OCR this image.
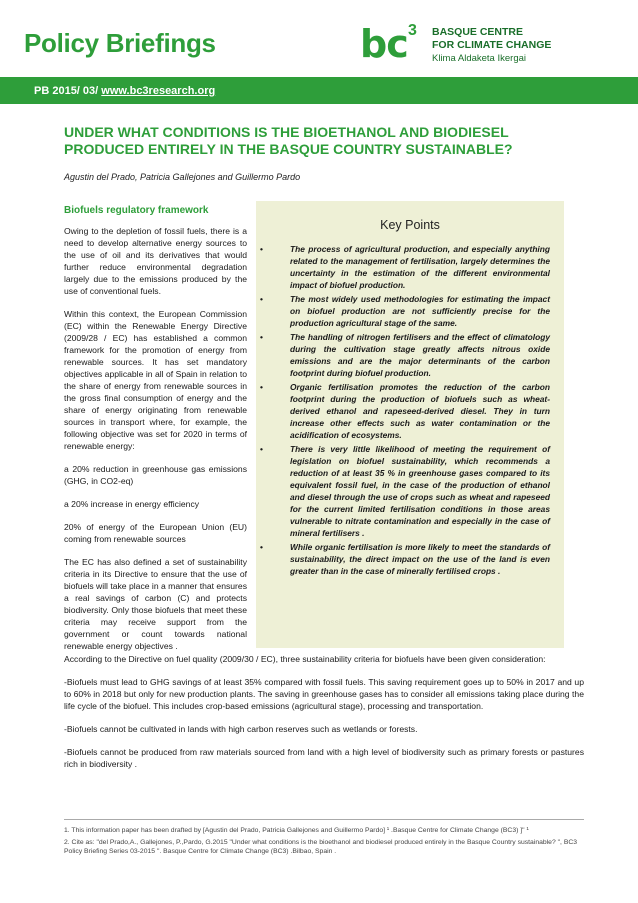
Policy Briefings	bc 3 BASQUE CENTRE
FOR CLIMATE CHANGE
Klima Aldaketa Ikergai
PB 2015/ 03/ www.bc3research.org
UNDER WHAT CONDITIONS IS THE BIOETHANOL AND BIODIESEL PRODUCED ENTIRELY IN THE BASQUE COUNTRY SUSTAINABLE?
Agustin del Prado, Patricia Gallejones and Guillermo Pardo
Biofuels regulatory framework

Owing to the depletion of fossil fuels, there is a need to develop alternative energy sources to the use of oil and its derivatives that would further reduce environmental degradation largely due to the emissions produced by the use of conventional fuels.

Within this context, the European Commission (EC) within the Renewable Energy Directive (2009/28 / EC) has established a common framework for the promotion of energy from renewable sources. It has set mandatory objectives applicable in all of Spain in relation to the share of energy from renewable sources in the gross final consumption of energy and the share of energy originating from renewable sources in transport where, for example, the following objective was set for 2020 in terms of renewable energy:

a 20% reduction in greenhouse gas emissions (GHG, in CO2-eq)

a 20% increase in energy efficiency

20% of energy of the European Union (EU) coming from renewable sources

The EC has also defined a set of sustainability criteria in its Directive to ensure that the use of biofuels will take place in a manner that ensures a real savings of carbon (C) and protects biodiversity. Only those biofuels that meet these criteria may receive support from the government or count towards national renewable energy objectives .

Key Points
•	The process of agricultural production, and especially anything related to the management of fertilisation, largely determines the uncertainty in the estimation of the different environmental impact of biofuel production.
•	The most widely used methodologies for estimating the impact on biofuel production are not sufficiently precise for the production agricultural stage of the same.
•	The handling of nitrogen fertilisers and the effect of climatology during the cultivation stage greatly affects nitrous oxide emissions and are the major determinants of the carbon footprint during biofuel production.
•	Organic fertilisation promotes the reduction of the carbon footprint during the production of biofuels such as wheat-derived ethanol and rapeseed-derived diesel. They in turn increase other effects such as water contamination or the acidification of ecosystems.
•	There is very little likelihood of meeting the requirement of legislation on biofuel sustainability, which recommends a reduction of at least 35 % in greenhouse gases compared to its equivalent fossil fuel, in the case of the production of ethanol and diesel through the use of crops such as wheat and rapeseed for the current limited fertilisation conditions in those areas vulnerable to nitrate contamination and especially in the case of mineral fertilisers .
•	While organic fertilisation is more likely to meet the standards of sustainability, the direct impact on the use of the land is even greater than in the case of minerally fertilised crops .

According to the Directive on fuel quality (2009/30 / EC), three sustainability criteria for biofuels have been given consideration:

-Biofuels must lead to GHG savings of at least 35% compared with fossil fuels. This saving requirement goes up to 50% in 2017 and up to 60% in 2018 but only for new production plants. The saving in greenhouse gases has to consider all emissions taking place during the life cycle of the biofuel. This includes crop-based emissions (agricultural stage), processing and transportation.

-Biofuels cannot be cultivated in lands with high carbon reserves such as wetlands or forests.

-Biofuels cannot be produced from raw materials sourced from land with a high level of biodiversity such as primary forests or pastures rich in biodiversity .

1. This information paper has been drafted by [Agustin del Prado, Patricia Gallejones and Guillermo Pardo] ¹ .Basque Centre for Climate Change (BC3) ]" ¹

2. Cite as: "del Prado,A., Gallejones, P.,Pardo, G.2015 "Under what conditions is the bioethanol and biodiesel produced entirely in the Basque Country sustainable? ", BC3 Policy Briefing Series 03-2015 ". Basque Centre for Climate Change (BC3) .Bilbao, Spain .
